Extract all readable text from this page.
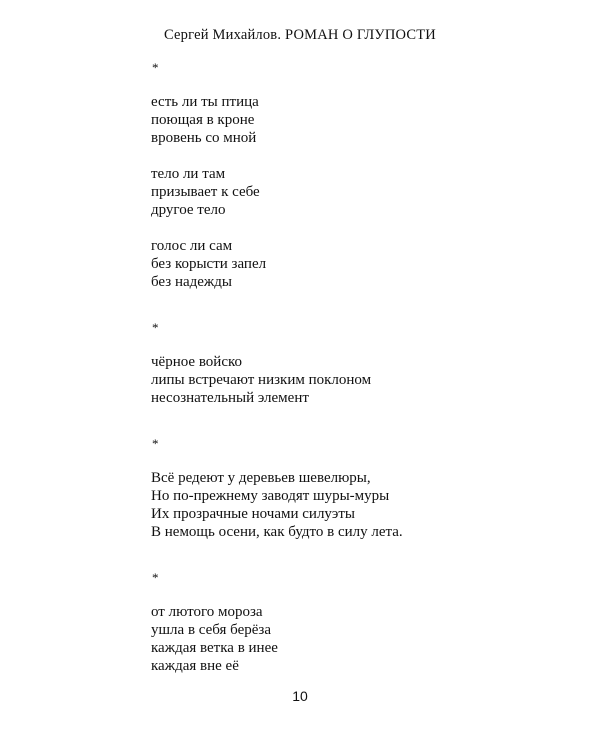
Сергей Михайлов. РОМАН О ГЛУПОСТИ

*

есть ли ты птица

поющая в кроне

вровень со мной

тело ли там

призывает к себе

другое тело

голос ли сам

без корысти запел

без надежды

*

чёрное войско

липы встречают низким поклоном

несознательный элемент

*

Всё редеют у деревьев шевелюры,

Но по-прежнему заводят шуры-муры

Их прозрачные ночами силуэты

В немощь осени, как будто в силу лета.

*

от лютого мороза

ушла в себя берёза

каждая ветка в инее

каждая вне её

10
